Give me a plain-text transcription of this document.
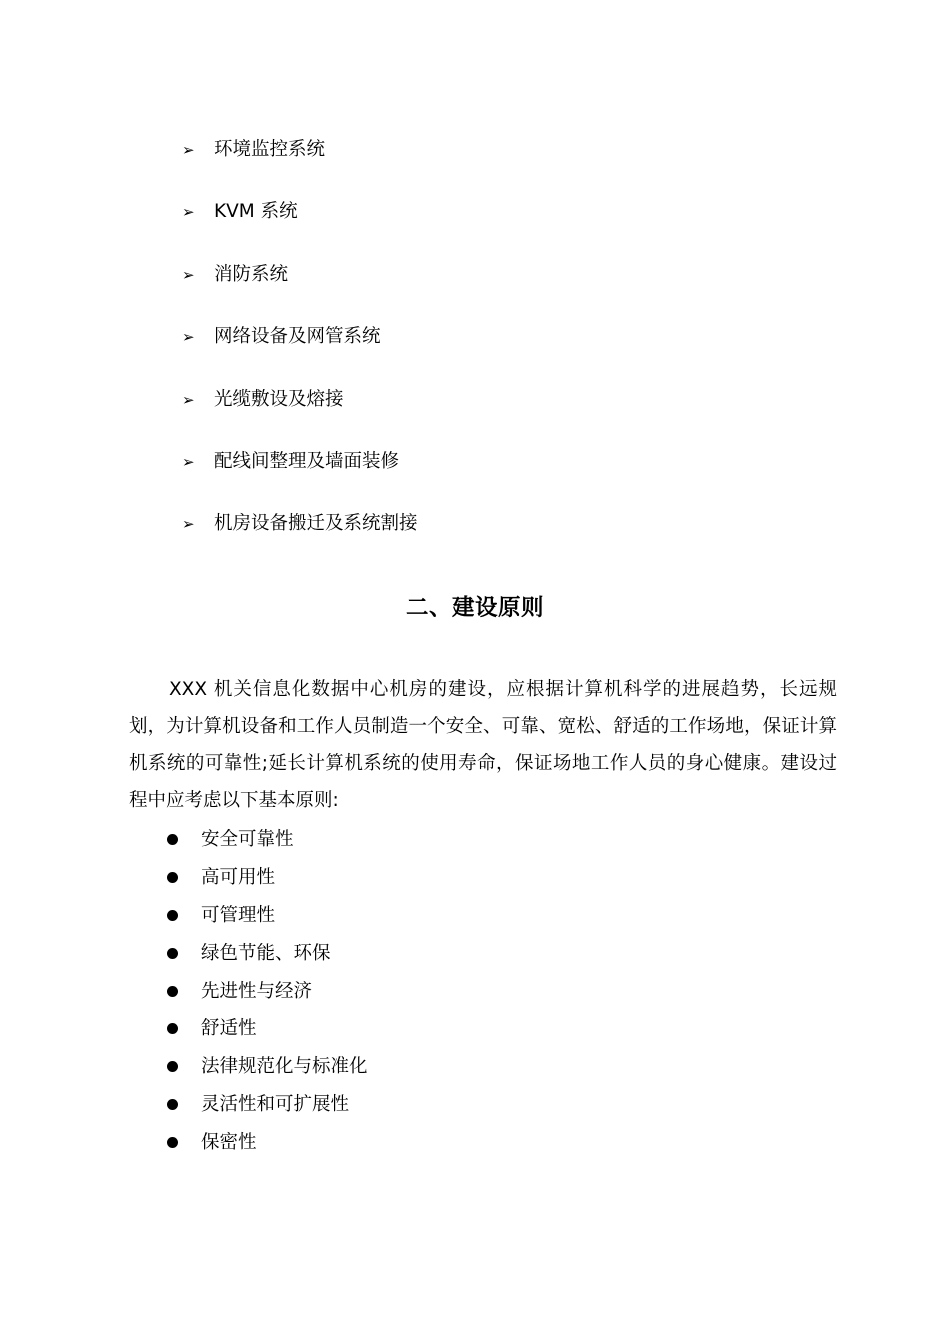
➢	环境监控系统
➢	KVM 系统
➢	消防系统
➢	网络设备及网管系统
➢	光缆敷设及熔接
➢	配线间整理及墙面装修
➢	机房设备搬迁及系统割接
二、建设原则

XXX 机关信息化数据中心机房的建设，应根据计算机科学的进展趋势，长远规划，为计算机设备和工作人员制造一个安全、可靠、宽松、舒适的工作场地，保证计算机系统的可靠性;延长计算机系统的使用寿命，保证场地工作人员的身心健康。建设过程中应考虑以下基本原则:

安全可靠性
高可用性
可管理性
绿色节能、环保
先进性与经济
舒适性
法律规范化与标准化
灵活性和可扩展性
保密性
